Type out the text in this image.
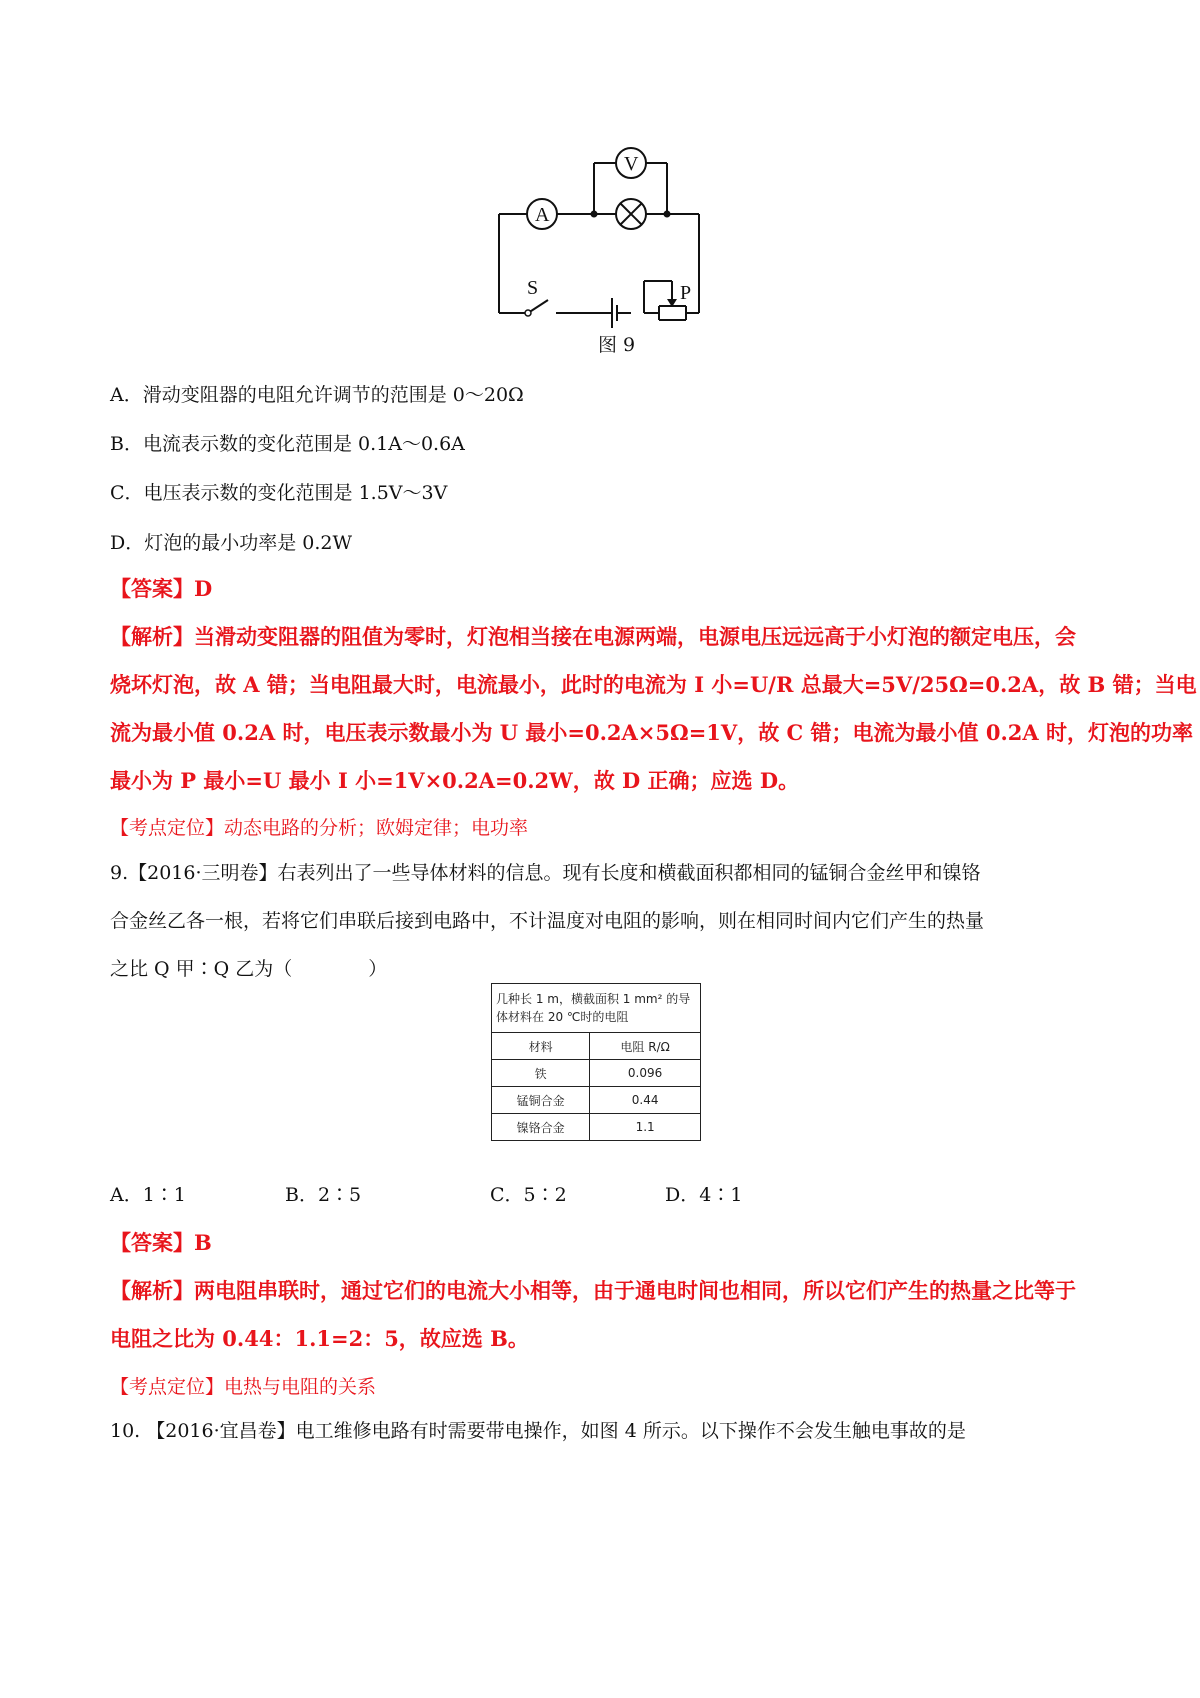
V
A
S	P
图 9
A．滑动变阻器的电阻允许调节的范围是 0～20Ω
B．电流表示数的变化范围是 0.1A～0.6A
C．电压表示数的变化范围是 1.5V～3V
D．灯泡的最小功率是 0.2W
【答案】D
【解析】当滑动变阻器的阻值为零时，灯泡相当接在电源两端，电源电压远远高于小灯泡的额定电压，会
烧坏灯泡，故 A 错；当电阻最大时，电流最小，此时的电流为 I 小=U/R 总最大=5V/25Ω=0.2A，故 B 错；当电
流为最小值 0.2A 时，电压表示数最小为 U 最小=0.2A×5Ω=1V，故 C 错；电流为最小值 0.2A 时，灯泡的功率
最小为 P 最小=U 最小 I 小=1V×0.2A=0.2W，故 D 正确；应选 D。
【考点定位】动态电路的分析；欧姆定律；电功率
9.【2016·三明卷】右表列出了一些导体材料的信息。现有长度和横截面积都相同的锰铜合金丝甲和镍铬
合金丝乙各一根，若将它们串联后接到电路中，不计温度对电阻的影响，则在相同时间内它们产生的热量
之比 Q 甲∶Q 乙为（　　　　）
几种长 1 m，横截面积 1 mm² 的导体材料在 20 ℃时的电阻	
材料	电阻 R/Ω
铁	0.096
锰铜合金	0.44
镍铬合金	1.1
A．1∶1	B．2∶5	C．5∶2	D．4∶1
【答案】B
【解析】两电阻串联时，通过它们的电流大小相等，由于通电时间也相同，所以它们产生的热量之比等于
电阻之比为 0.44：1.1=2：5，故应选 B。
【考点定位】电热与电阻的关系
10. 【2016·宜昌卷】电工维修电路有时需要带电操作，如图 4 所示。以下操作不会发生触电事故的是
